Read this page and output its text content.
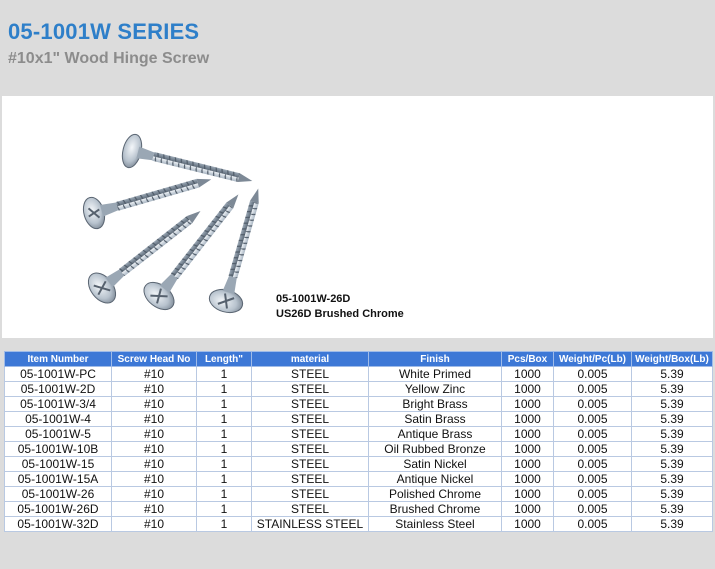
05-1001W SERIES
#10x1" Wood Hinge Screw
05-1001W-26D
US26D Brushed Chrome
Item Number	Screw Head No	Length"	material	Finish	Pcs/Box	Weight/Pc(Lb)	Weight/Box(Lb)
05-1001W-PC	#10	1	STEEL	White Primed	1000	0.005	5.39
05-1001W-2D	#10	1	STEEL	Yellow Zinc	1000	0.005	5.39
05-1001W-3/4	#10	1	STEEL	Bright Brass	1000	0.005	5.39
05-1001W-4	#10	1	STEEL	Satin Brass	1000	0.005	5.39
05-1001W-5	#10	1	STEEL	Antique Brass	1000	0.005	5.39
05-1001W-10B	#10	1	STEEL	Oil Rubbed Bronze	1000	0.005	5.39
05-1001W-15	#10	1	STEEL	Satin Nickel	1000	0.005	5.39
05-1001W-15A	#10	1	STEEL	Antique Nickel	1000	0.005	5.39
05-1001W-26	#10	1	STEEL	Polished Chrome	1000	0.005	5.39
05-1001W-26D	#10	1	STEEL	Brushed Chrome	1000	0.005	5.39
05-1001W-32D	#10	1	STAINLESS STEEL	Stainless Steel	1000	0.005	5.39
